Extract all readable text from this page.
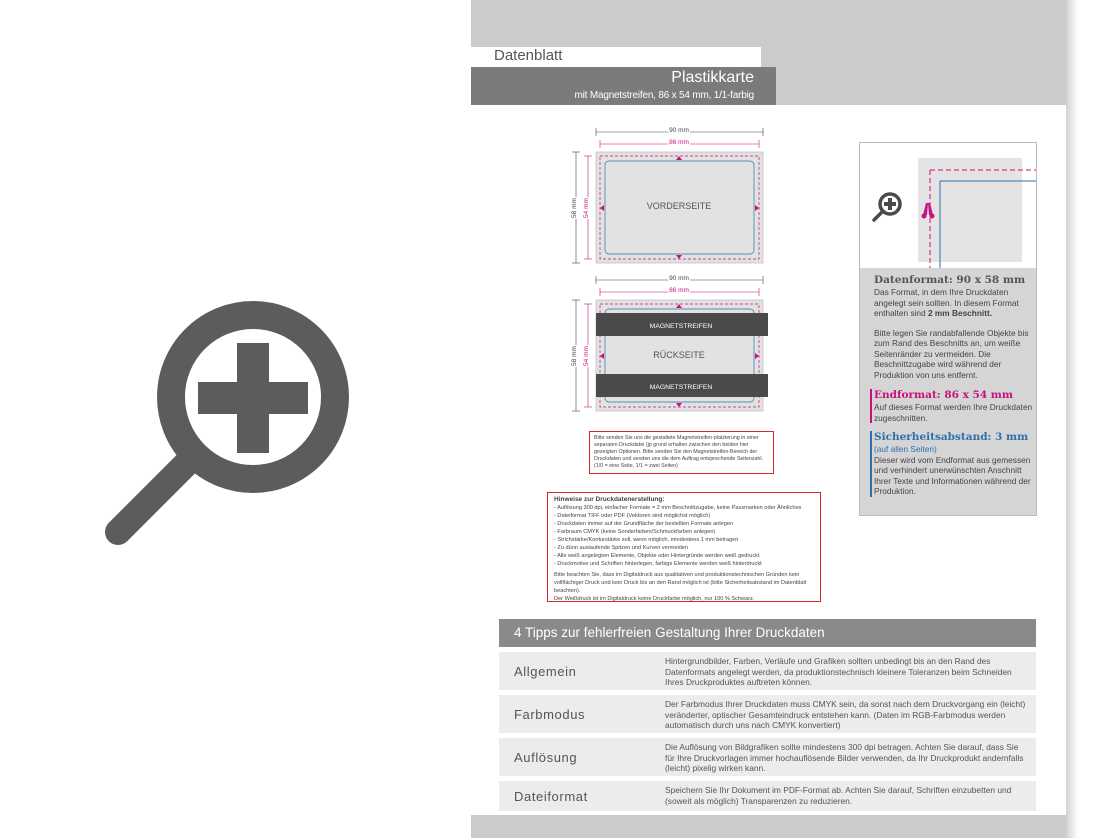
Datenblatt
Plastikkarte
mit Magnetstreifen, 86 x 54 mm, 1/1-farbig
90 mm
86 mm
58 mm 54 mm	VORDERSEITE
90 mm
86 mm
58 mm 54 mm
MAGNETSTREIFEN
MAGNETSTREIFEN
RÜCKSEITE
Bitte senden Sie uns die gestaltete Magnetstreifen-platzierung in einer separaten Druckdatei (jp grund erhalten zwischen den beiden hier gezeigten Optionen. Bitte senden Sie den Magnetstreifen-Bereich der Druckdaten und senden uns die dem Auftrag entsprechende Seitenzahl. (1/0 = eine Seite, 1/1 = zwei Seiten)
Hinweise zur Druckdatenerstellung:
- Auflösung 300 dpi, einfacher Formate = 2 mm Beschnittzugabe, keine Passmarken oder Ähnliches
- Dateiformat TIFF oder PDF (Vektoren sind möglichst möglich)
- Druckdaten immer auf der Grundfläche der bestellten Formate anlegen
- Farbraum CMYK (keine Sonderfarben/Schmuckfarben anlegen)
- Strichstärke/Konturstärke soll, wenn möglich, mindestens 1 mm betragen
- Zu dünn auslaufende Spitzen und Kurven vermeiden
- Alle weiß angelegten Elemente, Objekte oder Hintergründe werden weiß gedruckt
- Druckmotive und Schriften hinterlegen, farbige Elemente werden weiß hinterdruckt
Bitte beachten Sie, dass im Digitaldruck aus qualitativen und produktionstechnischen Gründen kein vollflächiger Druck und kein Druck bis an den Rand möglich ist (bitte Sicherheitsabstand im Datenblatt beachten).
Der Weißdruck ist im Digitaldruck keine Druckfarbe möglich, nur 100 % Schwarz.
Datenformat: 90 x 58 mm

Das Format, in dem Ihre Druckdaten angelegt sein sollten. In diesem Format enthalten sind 2 mm Beschnitt.

Bitte legen Sie randabfallende Objekte bis zum Rand des Beschnitts an, um weiße Seitenränder zu vermeiden. Die Beschnittzugabe wird während der Produktion von uns entfernt.

Endformat: 86 x 54 mm

Auf dieses Format werden Ihre Druckdaten zugeschnitten.

Sicherheitsabstand: 3 mm
(auf allen Seiten)

Dieser wird vom Endformat aus gemessen und verhindert unerwünschten Anschnitt Ihrer Texte und Informationen während der Produktion.

4 Tipps zur fehlerfreien Gestaltung Ihrer Druckdaten
Allgemein
Hintergrundbilder, Farben, Verläufe und Grafiken sollten unbedingt bis an den Rand des Datenformats angelegt werden, da produktionstechnisch kleinere Toleranzen beim Schneiden Ihres Druckproduktes auftreten können.
Farbmodus
Der Farbmodus Ihrer Druckdaten muss CMYK sein, da sonst nach dem Druckvorgang ein (leicht) veränderter, optischer Gesamteindruck entstehen kann. (Daten im RGB-Farbmodus werden automatisch durch uns nach CMYK konvertiert)
Auflösung
Die Auflösung von Bildgrafiken sollte mindestens 300 dpi betragen. Achten Sie darauf, dass Sie für Ihre Druckvorlagen immer hochauflösende Bilder verwenden, da Ihr Druckprodukt andernfalls (leicht) pixelig wirken kann.
Dateiformat	Speichern Sie Ihr Dokument im PDF-Format ab. Achten Sie darauf, Schriften einzubetten und (soweit als möglich) Transparenzen zu reduzieren.
